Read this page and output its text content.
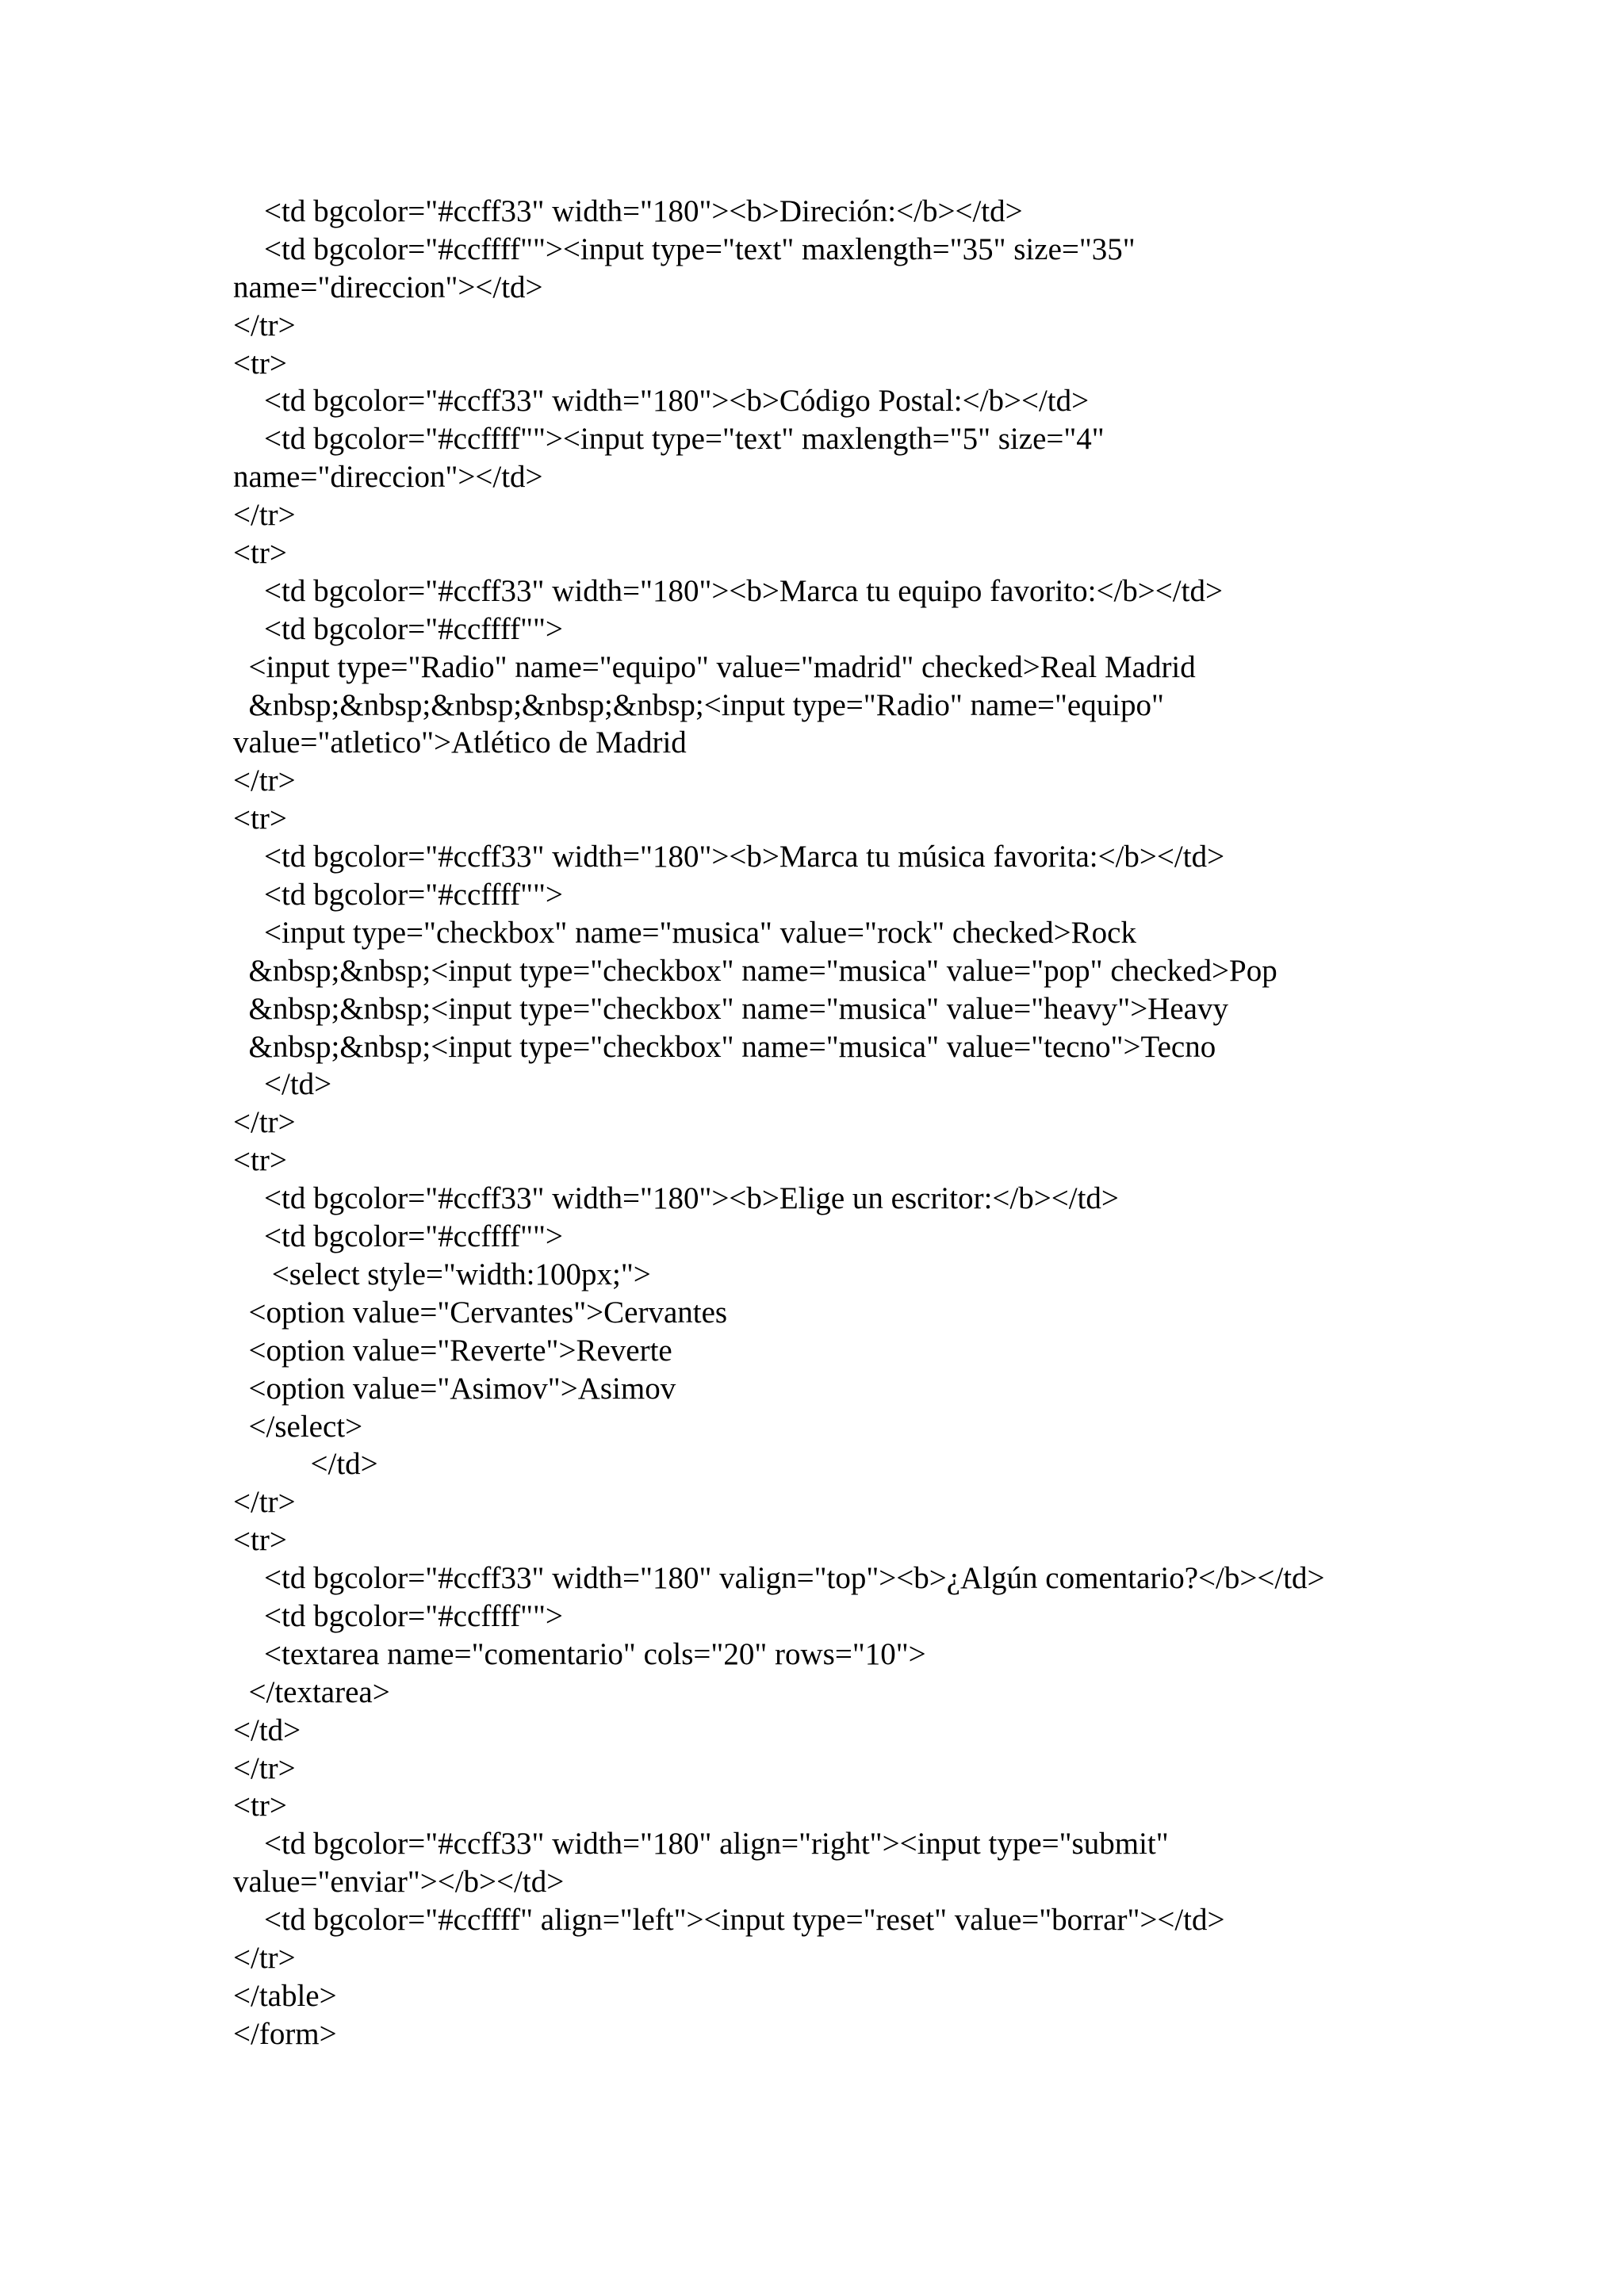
<td bgcolor="#ccff33" width="180"><b>Direción:</b></td>
<td bgcolor="#ccffff""><input type="text" maxlength="35" size="35"
name="direccion"></td>
</tr>
<tr>
<td bgcolor="#ccff33" width="180"><b>Código Postal:</b></td>
<td bgcolor="#ccffff""><input type="text" maxlength="5" size="4"
name="direccion"></td>
</tr>
<tr>
<td bgcolor="#ccff33" width="180"><b>Marca tu equipo favorito:</b></td>
<td bgcolor="#ccffff"">
<input type="Radio" name="equipo" value="madrid" checked>Real Madrid
&nbsp;&nbsp;&nbsp;&nbsp;&nbsp;<input type="Radio" name="equipo"
value="atletico">Atlético de Madrid
</tr>
<tr>
<td bgcolor="#ccff33" width="180"><b>Marca tu música favorita:</b></td>
<td bgcolor="#ccffff"">
<input type="checkbox" name="musica" value="rock" checked>Rock
&nbsp;&nbsp;<input type="checkbox" name="musica" value="pop" checked>Pop
&nbsp;&nbsp;<input type="checkbox" name="musica" value="heavy">Heavy
&nbsp;&nbsp;<input type="checkbox" name="musica" value="tecno">Tecno
</td>
</tr>
<tr>
<td bgcolor="#ccff33" width="180"><b>Elige un escritor:</b></td>
<td bgcolor="#ccffff"">
<select style="width:100px;">
<option value="Cervantes">Cervantes
<option value="Reverte">Reverte
<option value="Asimov">Asimov
</select>
</td>
</tr>
<tr>
<td bgcolor="#ccff33" width="180" valign="top"><b>¿Algún comentario?</b></td>
<td bgcolor="#ccffff"">
<textarea name="comentario" cols="20" rows="10">
</textarea>
</td>
</tr>
<tr>
<td bgcolor="#ccff33" width="180" align="right"><input type="submit"
value="enviar"></b></td>
<td bgcolor="#ccffff" align="left"><input type="reset" value="borrar"></td>
</tr>
</table>
</form>
